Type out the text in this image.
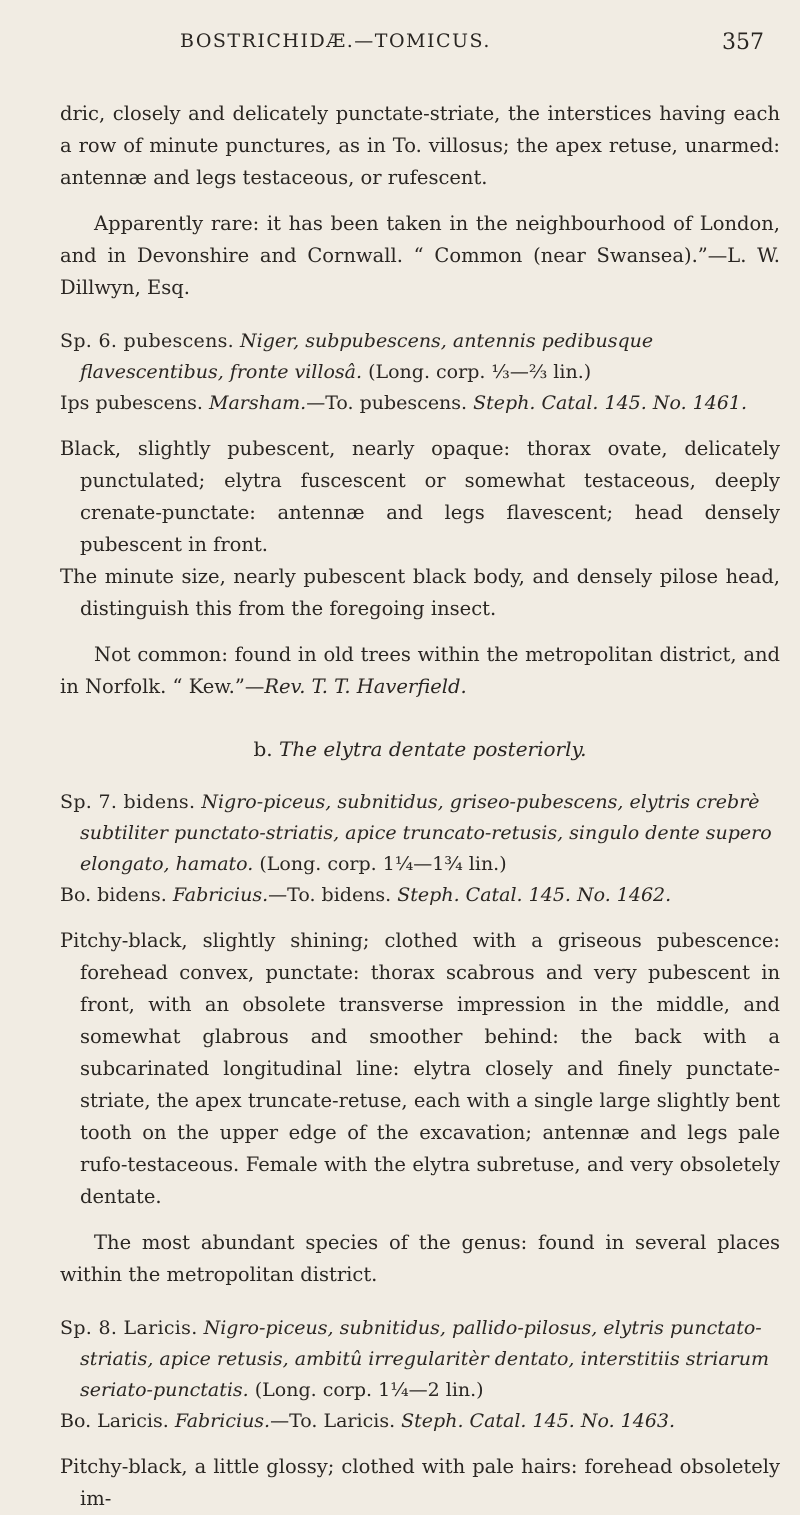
BOSTRICHIDÆ.—TOMICUS.	357

dric, closely and delicately punctate-striate, the interstices having each a row of minute punctures, as in To. villosus; the apex retuse, unarmed: antennæ and legs testaceous, or rufescent.

Apparently rare: it has been taken in the neighbourhood of London, and in Devonshire and Cornwall. “ Common (near Swansea).”—L. W. Dillwyn, Esq.

Sp. 6. pubescens. Niger, subpubescens, antennis pedibusque flavescentibus, fronte villosâ. (Long. corp. ⅓—⅔ lin.)

Ips pubescens. Marsham.—To. pubescens. Steph. Catal. 145. No. 1461.

Black, slightly pubescent, nearly opaque: thorax ovate, delicately punctulated; elytra fuscescent or somewhat testaceous, deeply crenate-punctate: antennæ and legs flavescent; head densely pubescent in front.

The minute size, nearly pubescent black body, and densely pilose head, distinguish this from the foregoing insect.

Not common: found in old trees within the metropolitan district, and in Norfolk. “ Kew.”—Rev. T. T. Haverfield.

b. The elytra dentate posteriorly.

Sp. 7. bidens. Nigro-piceus, subnitidus, griseo-pubescens, elytris crebrè subtiliter punctato-striatis, apice truncato-retusis, singulo dente supero elongato, hamato. (Long. corp. 1¼—1¾ lin.)

Bo. bidens. Fabricius.—To. bidens. Steph. Catal. 145. No. 1462.

Pitchy-black, slightly shining; clothed with a griseous pubescence: forehead convex, punctate: thorax scabrous and very pubescent in front, with an obsolete transverse impression in the middle, and somewhat glabrous and smoother behind: the back with a subcarinated longitudinal line: elytra closely and finely punctate-striate, the apex truncate-retuse, each with a single large slightly bent tooth on the upper edge of the excavation; antennæ and legs pale rufo-testaceous. Female with the elytra subretuse, and very obsoletely dentate.

The most abundant species of the genus: found in several places within the metropolitan district.

Sp. 8. Laricis. Nigro-piceus, subnitidus, pallido-pilosus, elytris punctato-striatis, apice retusis, ambitû irregularitèr dentato, interstitiis striarum seriato-punctatis. (Long. corp. 1¼—2 lin.)

Bo. Laricis. Fabricius.—To. Laricis. Steph. Catal. 145. No. 1463.

Pitchy-black, a little glossy; clothed with pale hairs: forehead obsoletely im-
